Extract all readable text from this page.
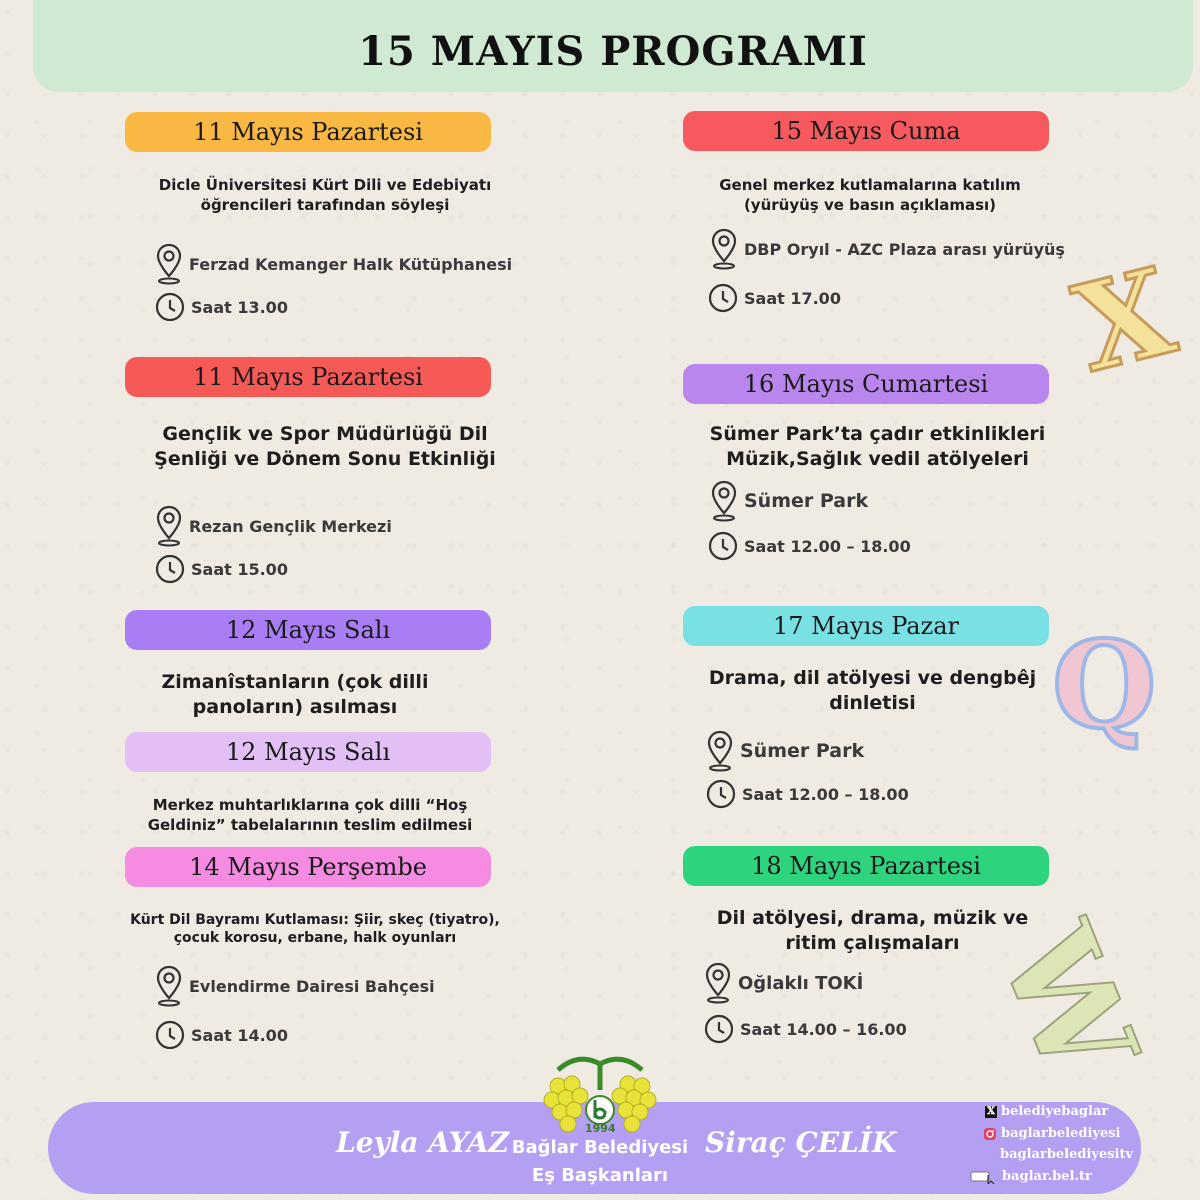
15 MAYIS PROGRAMI
X
Q
W
11 Mayıs Pazartesi
Dicle Üniversitesi Kürt Dili ve Edebiyatı öğrencileri tarafından söyleşi
Ferzad Kemanger Halk Kütüphanesi
Saat 13.00
11 Mayıs Pazartesi
Gençlik ve Spor Müdürlüğü Dil Şenliği ve Dönem Sonu Etkinliği
Rezan Gençlik Merkezi
Saat 15.00
12 Mayıs Salı
Zimanîstanların (çok dilli panoların) asılması
12 Mayıs Salı
Merkez muhtarlıklarına çok dilli “Hoş Geldiniz” tabelalarının teslim edilmesi
14 Mayıs Perşembe
Kürt Dil Bayramı Kutlaması: Şiir, skeç (tiyatro), çocuk korosu, erbane, halk oyunları
Evlendirme Dairesi Bahçesi
Saat 14.00
15 Mayıs Cuma
Genel merkez kutlamalarına katılım (yürüyüş ve basın açıklaması)
DBP Oryıl - AZC Plaza arası yürüyüş
Saat 17.00
16 Mayıs Cumartesi
Sümer Park’ta çadır etkinlikleri Müzik,Sağlık vedil atölyeleri
Sümer Park
Saat 12.00 – 18.00
17 Mayıs Pazar
Drama, dil atölyesi ve dengbêj dinletisi
Sümer Park
Saat 12.00 – 18.00
18 Mayıs Pazartesi
Dil atölyesi, drama, müzik ve ritim çalışmaları
Oğlaklı TOKİ
Saat 14.00 – 16.00
1994
Leyla AYAZ Bağlar Belediyesi
Eş Başkanları
Siraç ÇELİK
𝕏 belediyebaglar
baglarbelediyesi
baglarbelediyesitv
baglar.bel.tr
